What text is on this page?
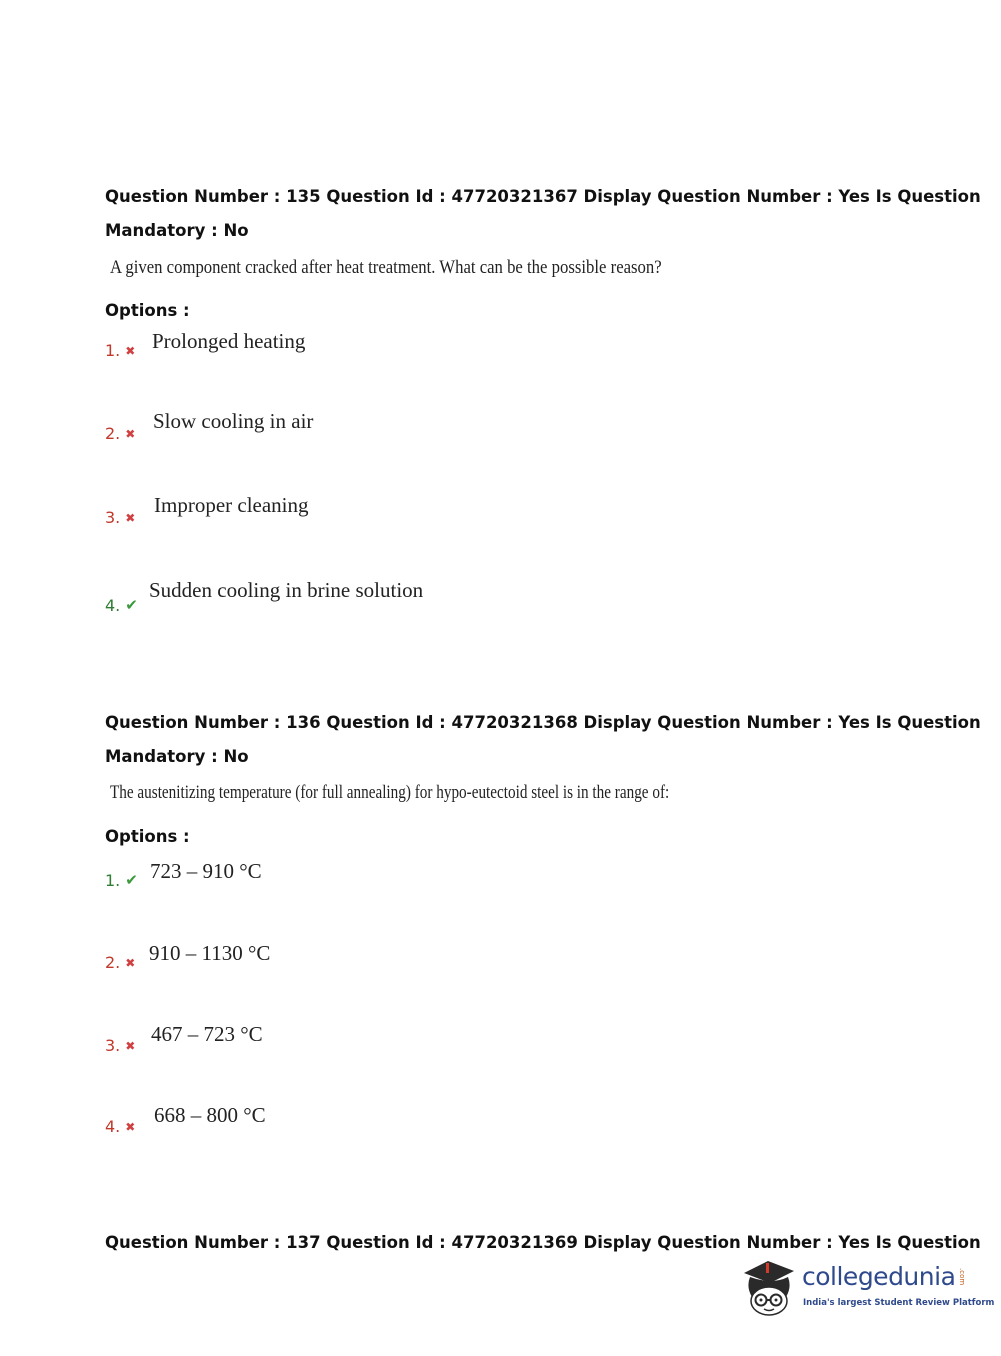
Question Number : 135 Question Id : 47720321367 Display Question Number : Yes Is Question
Mandatory : No
A given component cracked after heat treatment. What can be the possible reason?
Options :
1. ✖ Prolonged heating
2. ✖
Slow cooling in air
3. ✖
Improper cleaning
4. ✔
Sudden cooling in brine solution
Question Number : 136 Question Id : 47720321368 Display Question Number : Yes Is Question
Mandatory : No
The austenitizing temperature (for full annealing) for hypo-eutectoid steel is in the range of:
Options :
1. ✔ 723 – 910 °C
2. ✖ 910 – 1130 °C
3. ✖ 467 – 723 °C
4. ✖ 668 – 800 °C
Question Number : 137 Question Id : 47720321369 Display Question Number : Yes Is Question
collegedunia .com
India's largest Student Review Platform
